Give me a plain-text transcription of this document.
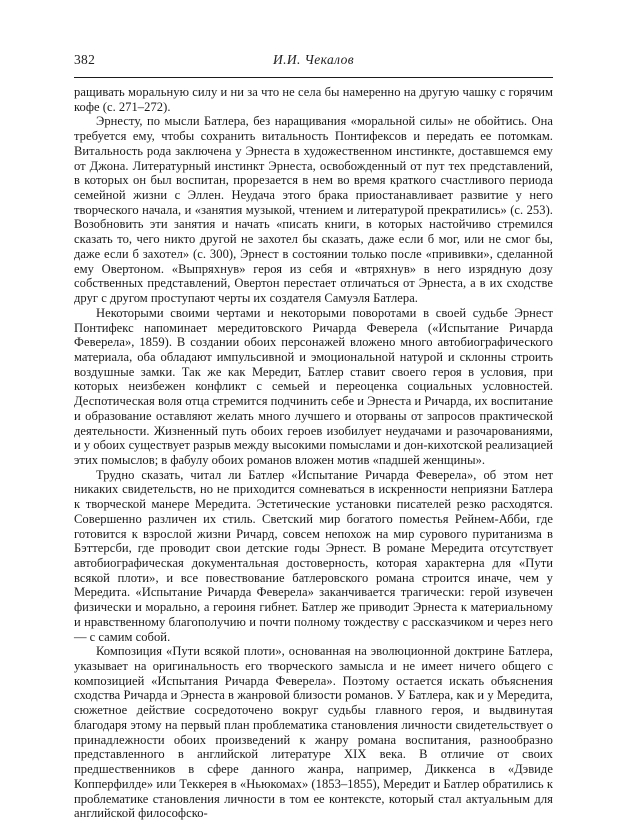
382	И.И. Чекалов

ращивать моральную силу и ни за что не села бы намеренно на другую чашку с горячим кофе (с. 271–272).

Эрнесту, по мысли Батлера, без наращивания «моральной силы» не обойтись. Она требуется ему, чтобы сохранить витальность Понтифексов и передать ее потомкам. Витальность рода заключена у Эрнеста в художественном инстинкте, доставшемся ему от Джона. Литературный инстинкт Эрнеста, освобожденный от пут тех представлений, в которых он был воспитан, прорезается в нем во время краткого счастливого периода семейной жизни с Эллен. Неудача этого брака приостанавливает развитие у него творческого начала, и «занятия музыкой, чтением и литературой прекратились» (с. 253). Возобновить эти занятия и начать «писать книги, в которых настойчиво стремился сказать то, чего никто другой не захотел бы сказать, даже если б мог, или не смог бы, даже если б захотел» (с. 300), Эрнест в состоянии только после «прививки», сделанной ему Овертоном. «Выпряхнув» героя из себя и «втряхнув» в него изрядную дозу собственных представлений, Овертон перестает отличаться от Эрнеста, а в их сходстве друг с другом проступают черты их создателя Самуэля Батлера.

Некоторыми своими чертами и некоторыми поворотами в своей судьбе Эрнест Понтифекс напоминает мередитовского Ричарда Феверела («Испытание Ричарда Феверела», 1859). В создании обоих персонажей вложено много автобиографического материала, оба обладают импульсивной и эмоциональной натурой и склонны строить воздушные замки. Так же как Мередит, Батлер ставит своего героя в условия, при которых неизбежен конфликт с семьей и переоценка социальных условностей. Деспотическая воля отца стремится подчинить себе и Эрнеста и Ричарда, их воспитание и образование оставляют желать много лучшего и оторваны от запросов практической деятельности. Жизненный путь обоих героев изобилует неудачами и разочарованиями, и у обоих существует разрыв между высокими помыслами и дон-кихотской реализацией этих помыслов; в фабулу обоих романов вложен мотив «падшей женщины».

Трудно сказать, читал ли Батлер «Испытание Ричарда Феверела», об этом нет никаких свидетельств, но не приходится сомневаться в искренности неприязни Батлера к творческой манере Мередита. Эстетические установки писателей резко расходятся. Совершенно различен их стиль. Светский мир богатого поместья Рейнем-Абби, где готовится к взрослой жизни Ричард, совсем непохож на мир сурового пуританизма в Бэттерсби, где проводит свои детские годы Эрнест. В романе Мередита отсутствует автобиографическая документальная достоверность, которая характерна для «Пути всякой плоти», и все повествование батлеровского романа строится иначе, чем у Мередита. «Испытание Ричарда Феверела» заканчивается трагически: герой изувечен физически и морально, а героиня гибнет. Батлер же приводит Эрнеста к материальному и нравственному благополучию и почти полному тождеству с рассказчиком и через него — с самим собой.

Композиция «Пути всякой плоти», основанная на эволюционной доктрине Батлера, указывает на оригинальность его творческого замысла и не имеет ничего общего с композицией «Испытания Ричарда Феверела». Поэтому остается искать объяснения сходства Ричарда и Эрнеста в жанровой близости романов. У Батлера, как и у Мередита, сюжетное действие сосредоточено вокруг судьбы главного героя, и выдвинутая благодаря этому на первый план проблематика становления личности свидетельствует о принадлежности обоих произведений к жанру романа воспитания, разнообразно представленного в английской литературе XIX века. В отличие от своих предшественников в сфере данного жанра, например, Диккенса в «Дэвиде Копперфилде» или Теккерея в «Ньюкомах» (1853–1855), Мередит и Батлер обратились к проблематике становления личности в том ее контексте, который стал актуальным для английской философско-
